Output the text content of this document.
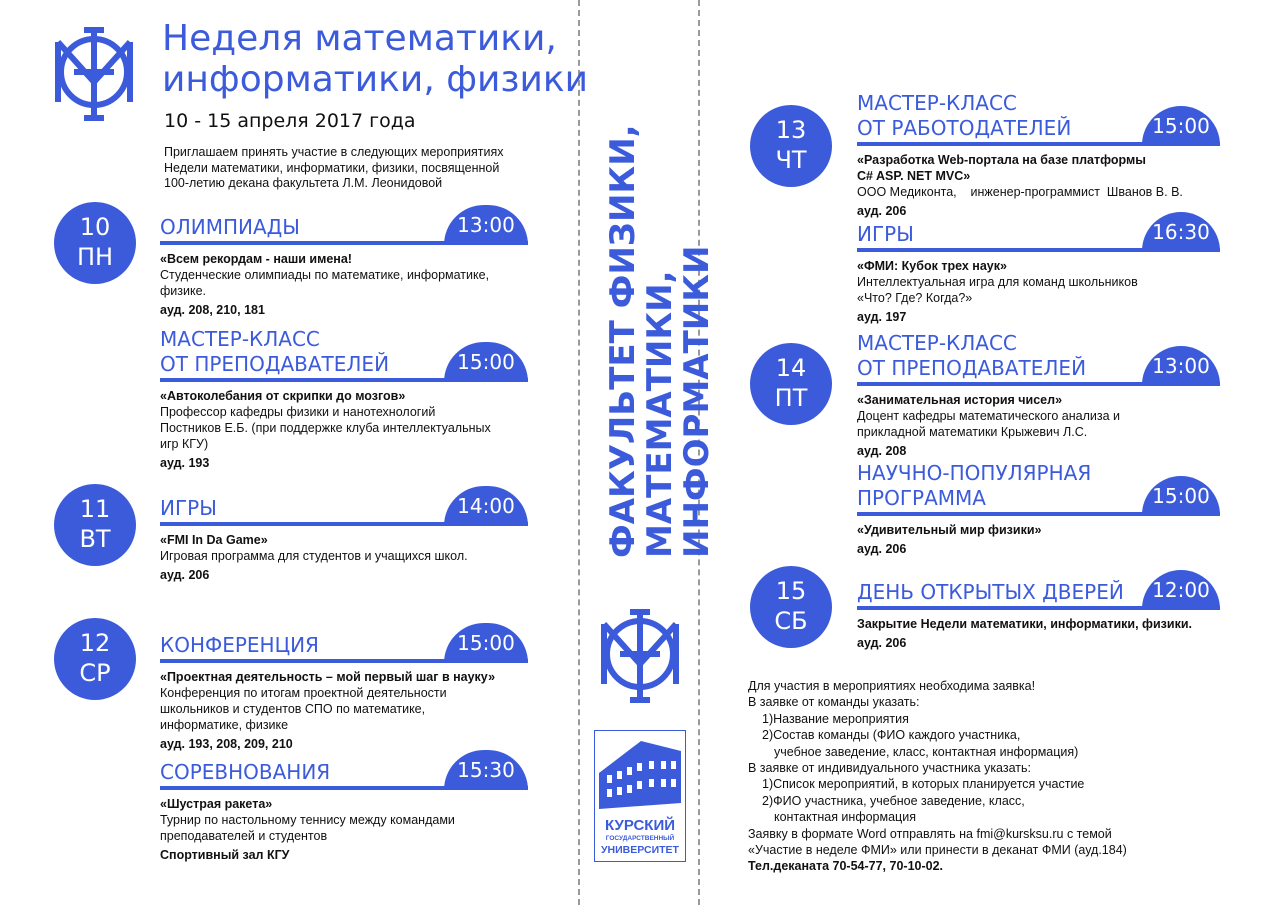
Неделя математики,
информатики, физики
10 - 15 апреля 2017 года
Приглашаем принять участие в следующих мероприятиях
Недели математики, информатики, физики, посвященной
100-летию декана факультета Л.М. Леонидовой
10
ПН
11
ВТ
12
СР
13
ЧТ
14
ПТ
15
СБ
ОЛИМПИАДЫ	13:00
«Всем рекордам - наши имена!
Студенческие олимпиады по математике, информатике,
физике.
ауд. 208, 210, 181
МАСТЕР-КЛАСС
ОТ ПРЕПОДАВАТЕЛЕЙ	15:00
«Автоколебания от скрипки до мозгов»
Профессор кафедры физики и нанотехнологий
Постников Е.Б. (при поддержке клуба интеллектуальных
игр КГУ)
ауд. 193
ИГРЫ	14:00
«FMI In Da Game»
Игровая программа для студентов и учащихся школ.
ауд. 206
КОНФЕРЕНЦИЯ	15:00
«Проектная деятельность – мой первый шаг в науку»
Конференция по итогам проектной деятельности
школьников и студентов СПО по математике,
информатике, физике
ауд. 193, 208, 209, 210
СОРЕВНОВАНИЯ	15:30
«Шустрая ракета»
Турнир по настольному теннису между командами
преподавателей и студентов
Спортивный зал КГУ
ФАКУЛЬТЕТ ФИЗИКИ,
МАТЕМАТИКИ, ИНФОРМАТИКИ
КУРСКИЙ
ГОСУДАРСТВЕННЫЙ
УНИВЕРСИТЕТ
МАСТЕР-КЛАСС
ОТ РАБОТОДАТЕЛЕЙ	15:00
«Разработка Web-портала на базе платформы
C# ASP. NET MVC»
ООО Медиконта,    инженер-программист  Шванов В. В.
ауд. 206
ИГРЫ	16:30
«ФМИ: Кубок трех наук»
Интеллектуальная игра для команд школьников
«Что? Где? Когда?»
ауд. 197
МАСТЕР-КЛАСС
ОТ ПРЕПОДАВАТЕЛЕЙ	13:00
«Занимательная история чисел»
Доцент кафедры математического анализа и
прикладной математики Крыжевич Л.С.
ауд. 208
НАУЧНО-ПОПУЛЯРНАЯ
ПРОГРАММА	15:00
«Удивительный мир физики»
ауд. 206
ДЕНЬ ОТКРЫТЫХ ДВЕРЕЙ	12:00
Закрытие Недели математики, информатики, физики.
ауд. 206
Для участия в мероприятиях необходима заявка!
В заявке от команды указать:
1)Название мероприятия
2)Состав команды (ФИО каждого участника,
учебное заведение, класс, контактная информация)
В заявке от индивидуального участника указать:
1)Список мероприятий, в которых планируется участие
2)ФИО участника, учебное заведение, класс,
контактная информация
Заявку в формате Word отправлять на fmi@kursksu.ru с темой
«Участие в неделе ФМИ» или принести в деканат ФМИ (ауд.184)
Тел.деканата 70-54-77, 70-10-02.
